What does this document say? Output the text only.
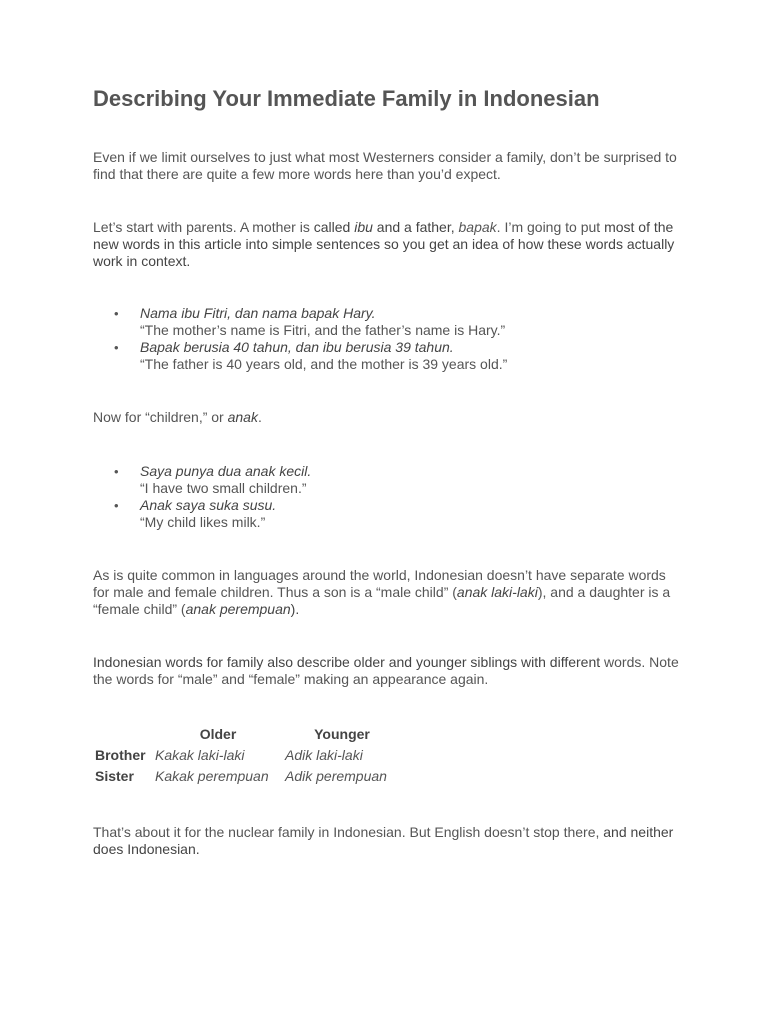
Describing Your Immediate Family in Indonesian

Even if we limit ourselves to just what most Westerners consider a family, don’t be surprised to find that there are quite a few more words here than you’d expect.

Let’s start with parents. A mother is called ibu and a father, bapak. I’m going to put most of the new words in this article into simple sentences so you get an idea of how these words actually work in context.

• Nama ibu Fitri, dan nama bapak Hary.
“The mother’s name is Fitri, and the father’s name is Hary.”
• Bapak berusia 40 tahun, dan ibu berusia 39 tahun.
“The father is 40 years old, and the mother is 39 years old.”

Now for “children,” or anak.

• Saya punya dua anak kecil.
“I have two small children.”
• Anak saya suka susu.
“My child likes milk.”

As is quite common in languages around the world, Indonesian doesn’t have separate words for male and female children. Thus a son is a “male child” (anak laki-laki), and a daughter is a “female child” (anak perempuan).

Indonesian words for family also describe older and younger siblings with different words. Note the words for “male” and “female” making an appearance again.

	Older	Younger
Brother	Kakak laki-laki	Adik laki-laki
Sister	Kakak perempuan	Adik perempuan

That’s about it for the nuclear family in Indonesian. But English doesn’t stop there, and neither does Indonesian.
